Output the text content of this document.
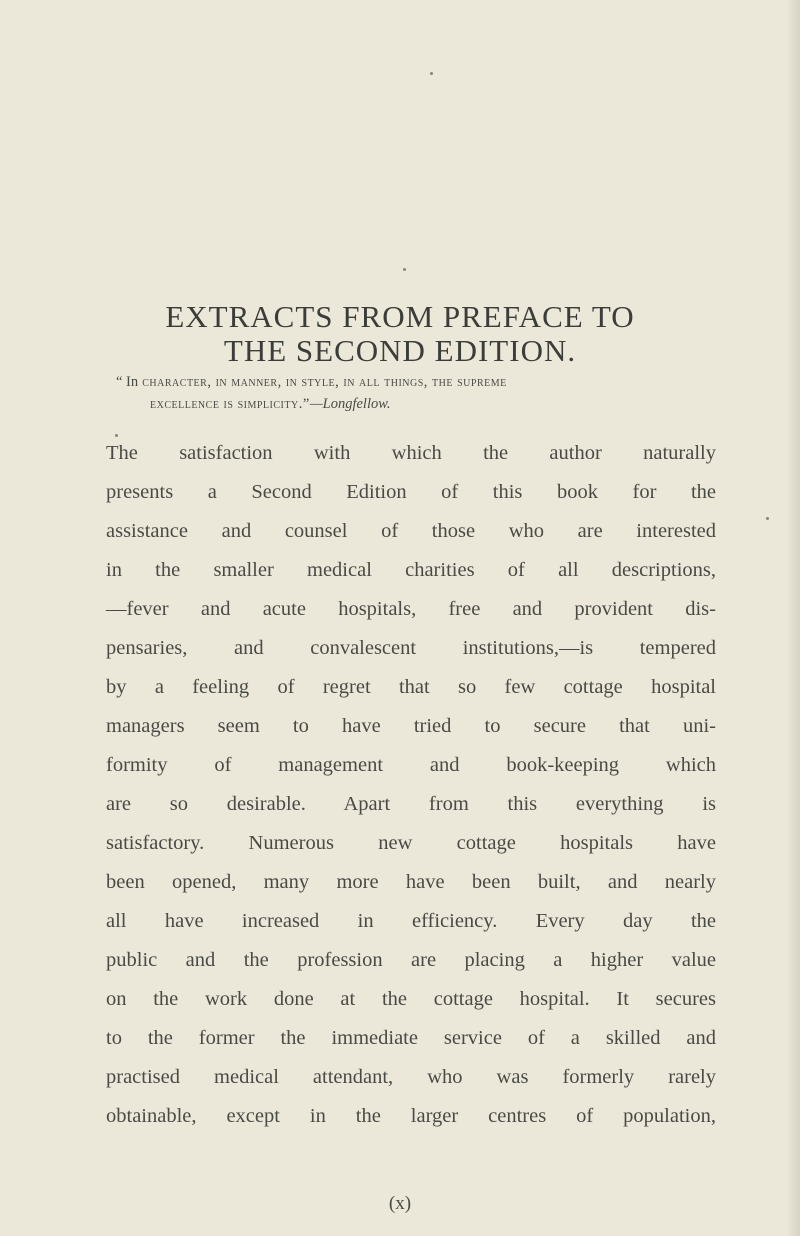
EXTRACTS FROM PREFACE TO
THE SECOND EDITION.

“ In character, in manner, in style, in all things, the supreme

excellence is simplicity.”—Longfellow.

The satisfaction with which the author naturally
presents a Second Edition of this book for the
assistance and counsel of those who are interested
in the smaller medical charities of all descriptions,
—fever and acute hospitals, free and provident dis-
pensaries, and convalescent institutions,—is tempered
by a feeling of regret that so few cottage hospital
managers seem to have tried to secure that uni-
formity of management and book-keeping which
are so desirable. Apart from this everything is
satisfactory. Numerous new cottage hospitals have
been opened, many more have been built, and nearly
all have increased in efficiency. Every day the
public and the profession are placing a higher value
on the work done at the cottage hospital. It secures
to the former the immediate service of a skilled and
practised medical attendant, who was formerly rarely
obtainable, except in the larger centres of population,

(x)
